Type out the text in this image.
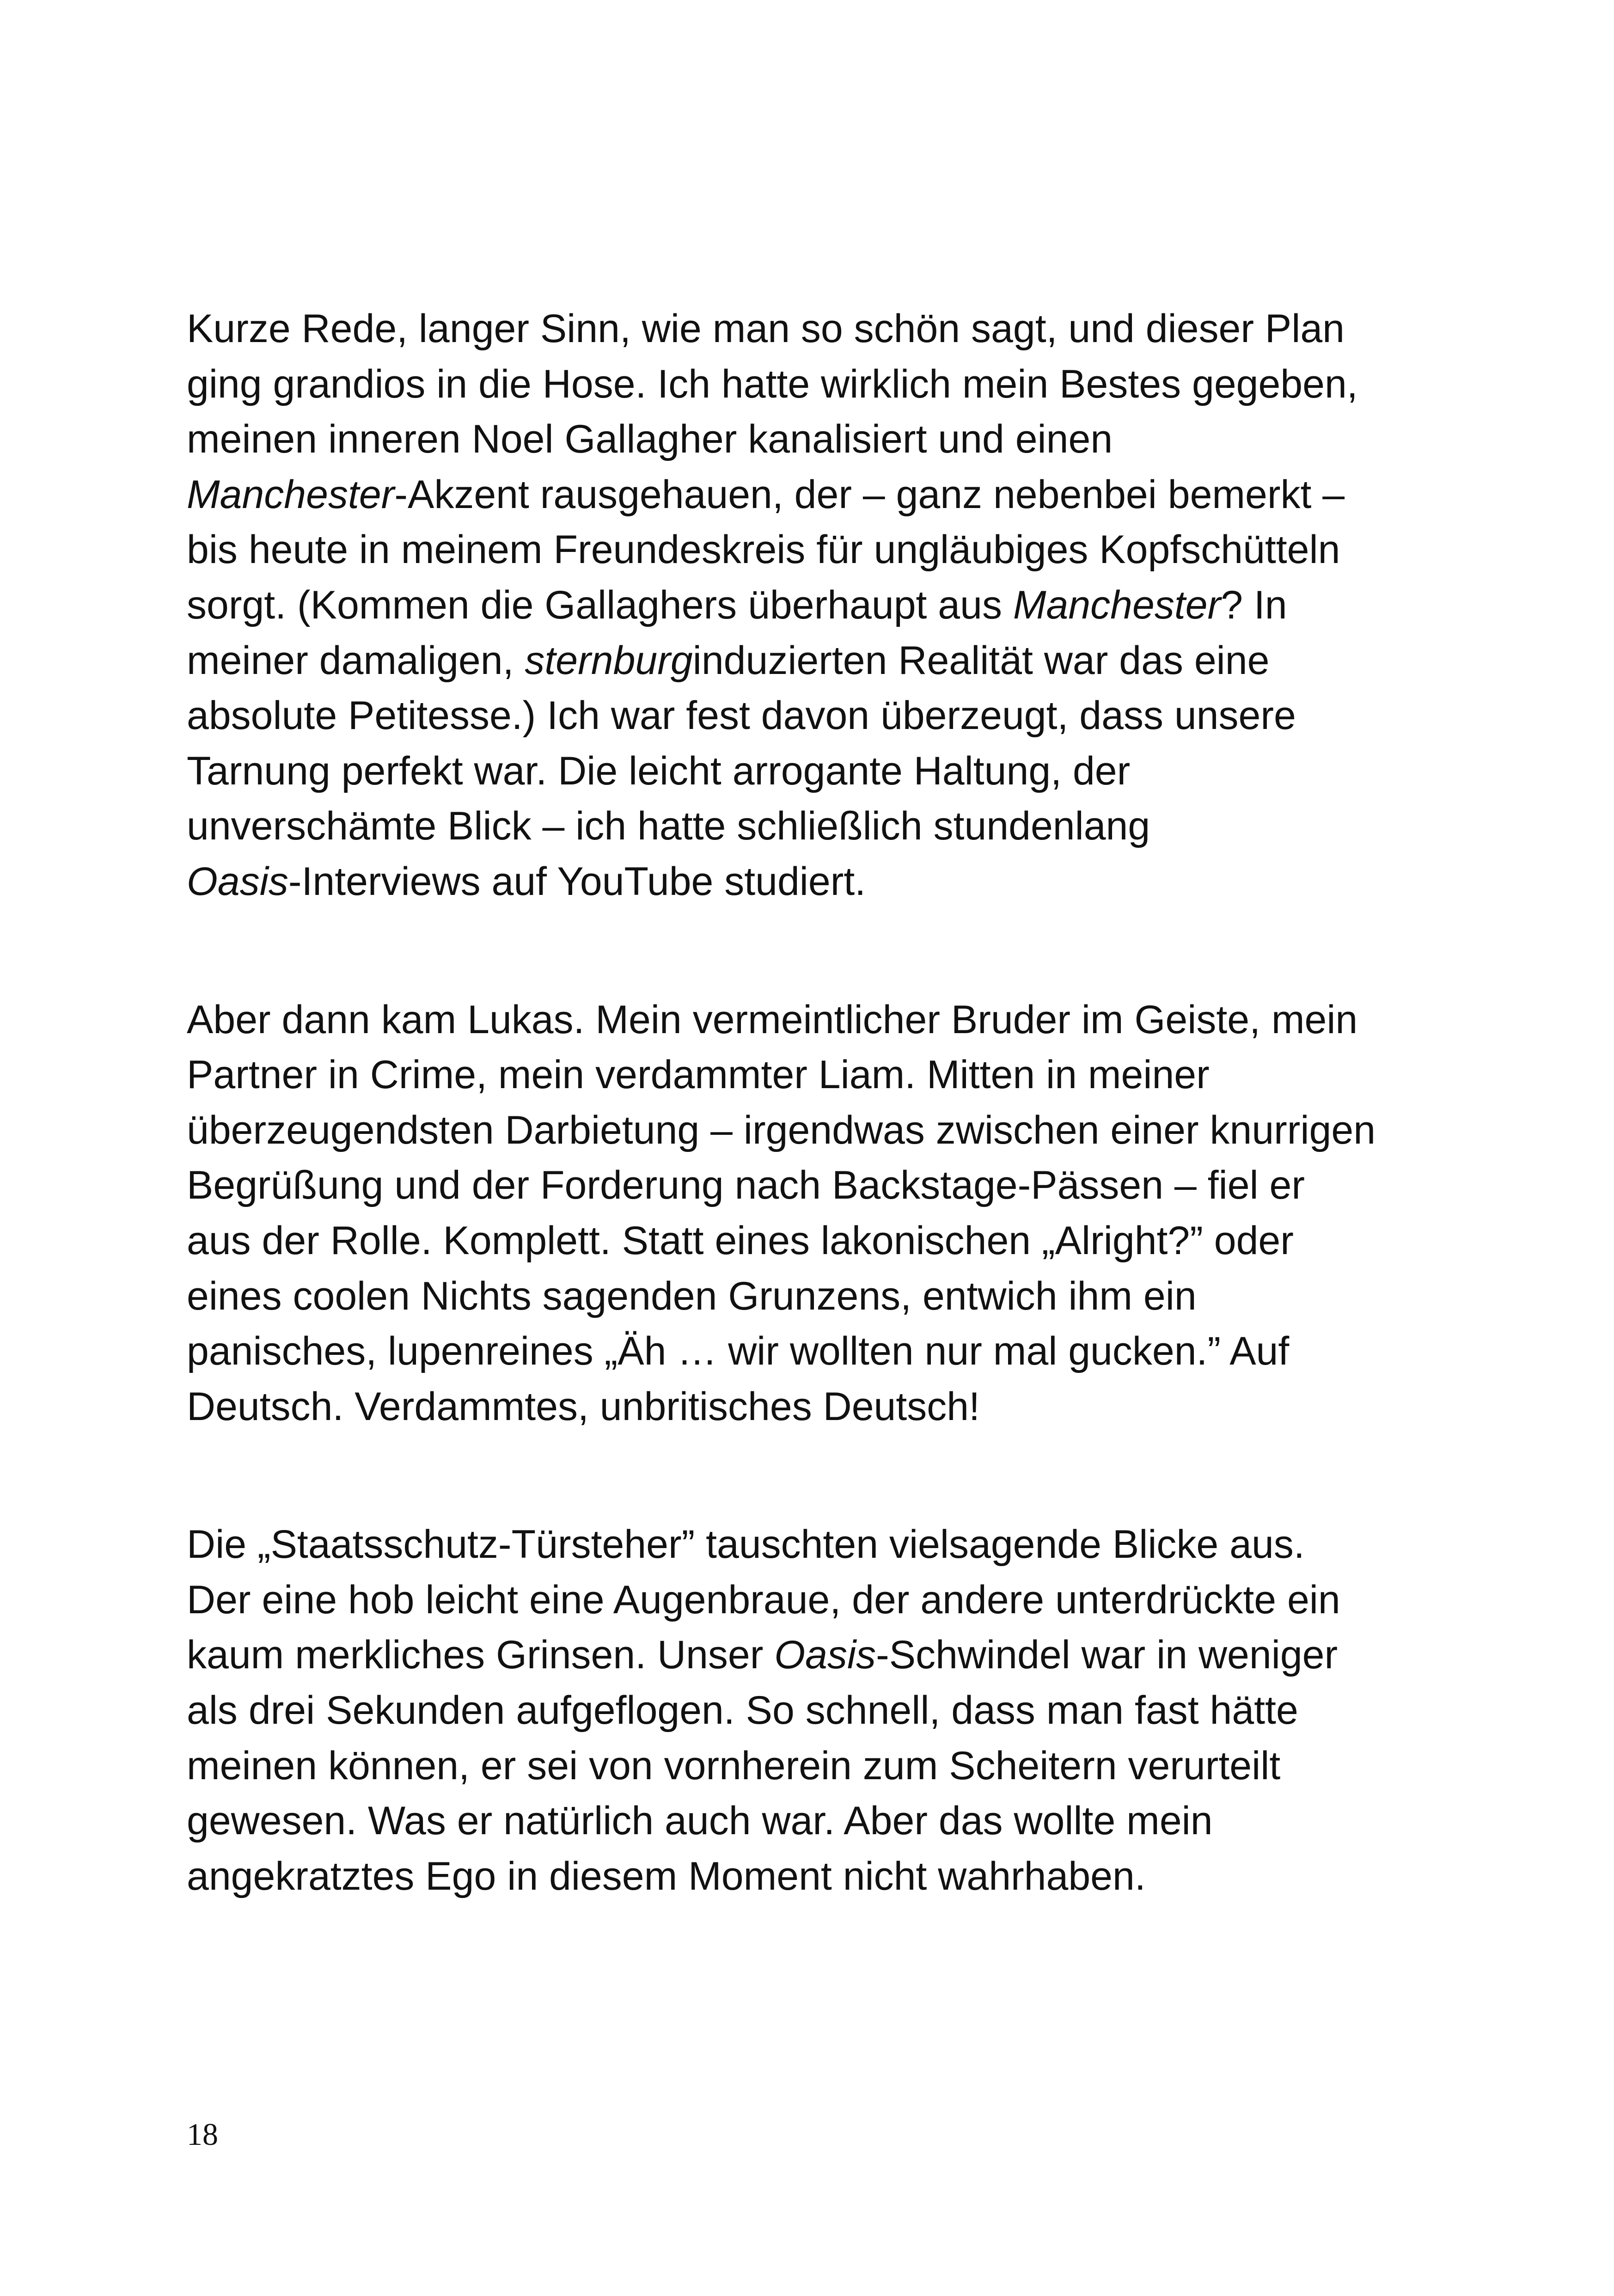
Kurze Rede, langer Sinn, wie man so schön sagt, und dieser Plan
ging grandios in die Hose. Ich hatte wirklich mein Bestes gegeben,
meinen inneren Noel Gallagher kanalisiert und einen
Manchester-Akzent rausgehauen, der – ganz nebenbei bemerkt –
bis heute in meinem Freundeskreis für ungläubiges Kopfschütteln
sorgt. (Kommen die Gallaghers überhaupt aus Manchester? In
meiner damaligen, sternburginduzierten Realität war das eine
absolute Petitesse.) Ich war fest davon überzeugt, dass unsere
Tarnung perfekt war. Die leicht arrogante Haltung, der
unverschämte Blick – ich hatte schließlich stundenlang
Oasis-Interviews auf YouTube studiert.
Aber dann kam Lukas. Mein vermeintlicher Bruder im Geiste, mein
Partner in Crime, mein verdammter Liam. Mitten in meiner
überzeugendsten Darbietung – irgendwas zwischen einer knurrigen
Begrüßung und der Forderung nach Backstage-Pässen – fiel er
aus der Rolle. Komplett. Statt eines lakonischen „Alright?” oder
eines coolen Nichts sagenden Grunzens, entwich ihm ein
panisches, lupenreines „Äh … wir wollten nur mal gucken.” Auf
Deutsch. Verdammtes, unbritisches Deutsch!
Die „Staatsschutz-Türsteher” tauschten vielsagende Blicke aus.
Der eine hob leicht eine Augenbraue, der andere unterdrückte ein
kaum merkliches Grinsen. Unser Oasis-Schwindel war in weniger
als drei Sekunden aufgeflogen. So schnell, dass man fast hätte
meinen können, er sei von vornherein zum Scheitern verurteilt
gewesen. Was er natürlich auch war. Aber das wollte mein
angekratztes Ego in diesem Moment nicht wahrhaben.
18
